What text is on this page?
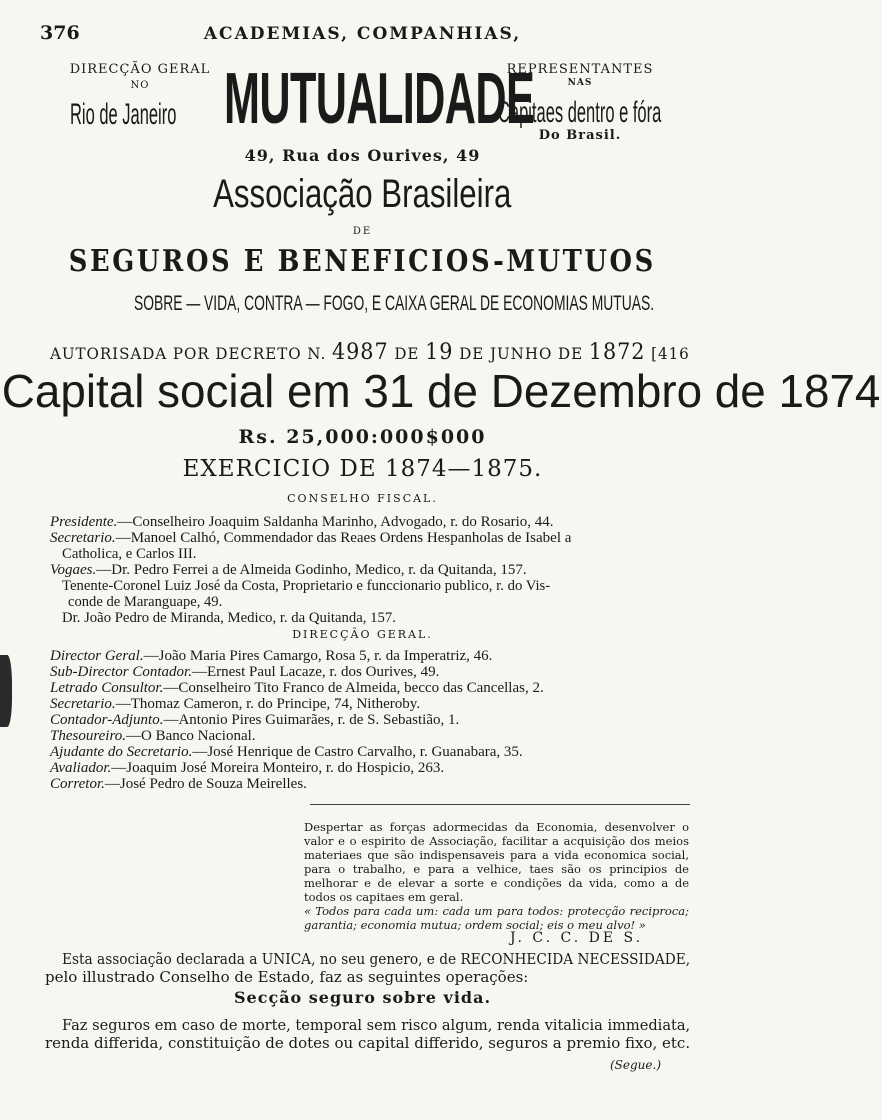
376	ACADEMIAS, COMPANHIAS,
DIRECÇÃO GERAL
NO
Rio de Janeiro MUTUALIDADE
REPRESENTANTES
NAS
Capitaes dentro e fóra
Do Brasil.
49, Rua dos Ourives, 49
Associação Brasileira
DE
SEGUROS E BENEFICIOS-MUTUOS
SOBRE — VIDA, CONTRA — FOGO, E CAIXA GERAL DE ECONOMIAS MUTUAS.
AUTORISADA POR DECRETO N. 4987 DE 19 DE JUNHO DE 1872 [416
Capital social em 31 de Dezembro de 1874
Rs. 25,000:000$000
EXERCICIO DE 1874—1875.
CONSELHO FISCAL.
Presidente.—Conselheiro Joaquim Saldanha Marinho, Advogado, r. do Rosario, 44.
Secretario.—Manoel Calhó, Commendador das Reaes Ordens Hespanholas de Isabel a
Catholica, e Carlos III.
Vogaes.—Dr. Pedro Ferrei a de Almeida Godinho, Medico, r. da Quitanda, 157.
Tenente-Coronel Luiz José da Costa, Proprietario e funccionario publico, r. do Vis-
conde de Maranguape, 49.
Dr. João Pedro de Miranda, Medico, r. da Quitanda, 157.
DIRECÇÃO GERAL.
Director Geral.—João Maria Pires Camargo, Rosa 5, r. da Imperatriz, 46.
Sub-Director Contador.—Ernest Paul Lacaze, r. dos Ourives, 49.
Letrado Consultor.—Conselheiro Tito Franco de Almeida, becco das Cancellas, 2.
Secretario.—Thomaz Cameron, r. do Principe, 74, Nitheroby.
Contador-Adjunto.—Antonio Pires Guimarães, r. de S. Sebastião, 1.
Thesoureiro.—O Banco Nacional.
Ajudante do Secretario.—José Henrique de Castro Carvalho, r. Guanabara, 35.
Avaliador.—Joaquim José Moreira Monteiro, r. do Hospicio, 263.
Corretor.—José Pedro de Souza Meirelles.

Despertar as forças adormecidas da Economia, desenvolver o valor e o espirito de Associação, facilitar a acquisição dos meios materiaes que são indispensaveis para a vida economica social, para o trabalho, e para a velhice, taes são os principios de melhorar e de elevar a sorte e condições da vida, como a de todos os capitaes em geral.

« Todos para cada um: cada um para todos: protecção reciproca; garantia; economia mutua; ordem social; eis o meu alvo! »

J. C. C. DE S.
Esta associação declarada a UNICA, no seu genero, e de RECONHECIDA NECESSIDADE,
pelo illustrado Conselho de Estado, faz as seguintes operações:
Secção seguro sobre vida.
Faz seguros em caso de morte, temporal sem risco algum, renda vitalicia immediata,
renda differida, constituição de dotes ou capital differido, seguros a premio fixo, etc.
(Segue.)
